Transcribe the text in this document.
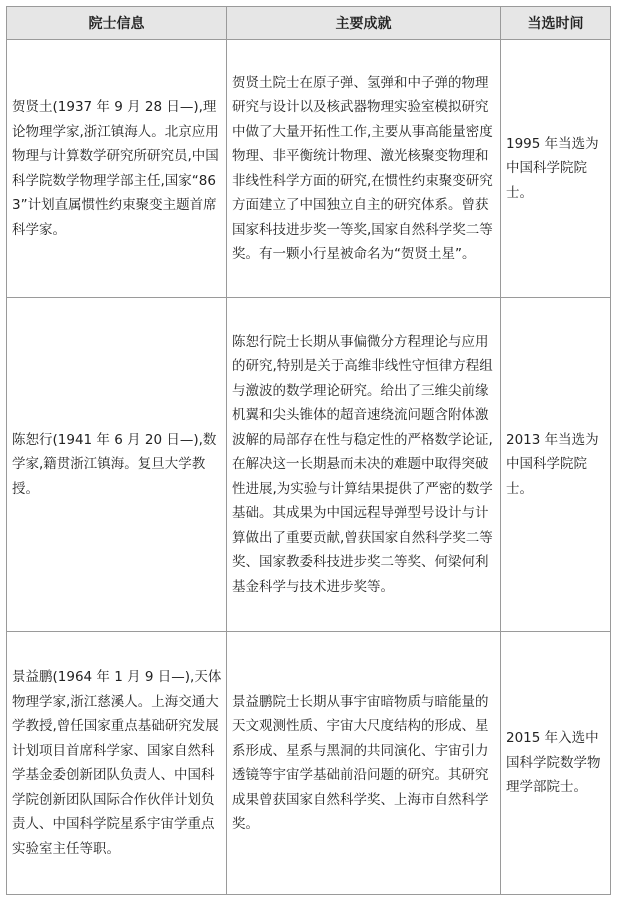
院士信息	主要成就	当选时间
贺贤土(1937 年 9 月 28 日—),理论物理学家,浙江镇海人。北京应用物理与计算数学研究所研究员,中国科学院数学物理学部主任,国家“863”计划直属惯性约束聚变主题首席科学家。	贺贤土院士在原子弹、氢弹和中子弹的物理研究与设计以及核武器物理实验室模拟研究中做了大量开拓性工作,主要从事高能量密度物理、非平衡统计物理、激光核聚变物理和非线性科学方面的研究,在惯性约束聚变研究方面建立了中国独立自主的研究体系。曾获国家科技进步奖一等奖,国家自然科学奖二等奖。有一颗小行星被命名为“贺贤土星”。	1995 年当选为中国科学院院士。
陈恕行(1941 年 6 月 20 日—),数学家,籍贯浙江镇海。复旦大学教授。	陈恕行院士长期从事偏微分方程理论与应用的研究,特别是关于高维非线性守恒律方程组与激波的数学理论研究。给出了三维尖前缘机翼和尖头锥体的超音速绕流问题含附体激波解的局部存在性与稳定性的严格数学论证,在解决这一长期悬而未决的难题中取得突破性进展,为实验与计算结果提供了严密的数学基础。其成果为中国远程导弹型号设计与计算做出了重要贡献,曾获国家自然科学奖二等奖、国家教委科技进步奖二等奖、何梁何利基金科学与技术进步奖等。	2013 年当选为中国科学院院士。
景益鹏(1964 年 1 月 9 日—),天体物理学家,浙江慈溪人。上海交通大学教授,曾任国家重点基础研究发展计划项目首席科学家、国家自然科学基金委创新团队负责人、中国科学院创新团队国际合作伙伴计划负责人、中国科学院星系宇宙学重点实验室主任等职。	景益鹏院士长期从事宇宙暗物质与暗能量的天文观测性质、宇宙大尺度结构的形成、星系形成、星系与黑洞的共同演化、宇宙引力透镜等宇宙学基础前沿问题的研究。其研究成果曾获国家自然科学奖、上海市自然科学奖。	2015 年入选中国科学院数学物理学部院士。
